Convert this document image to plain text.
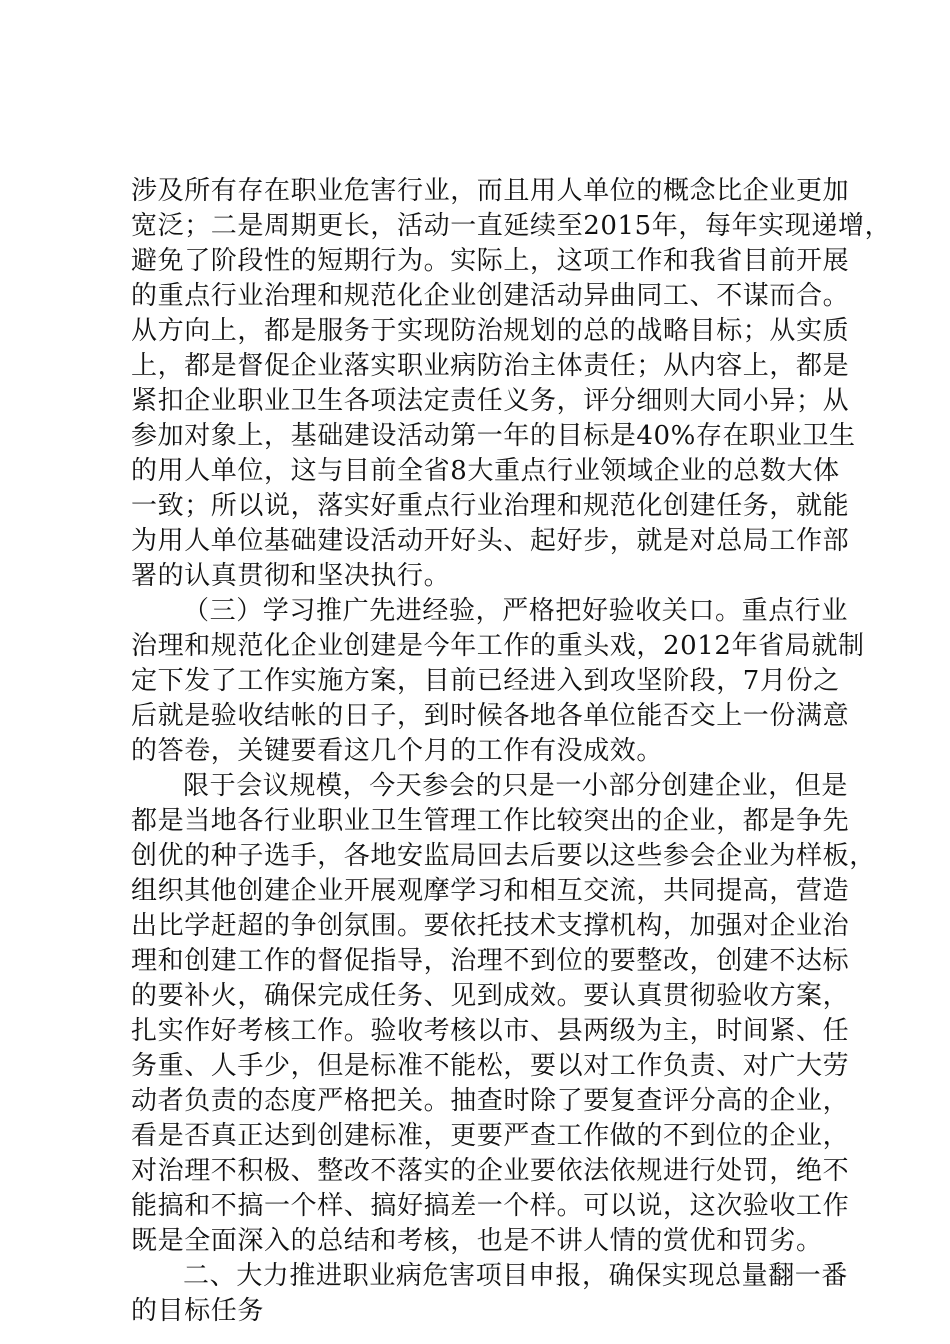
涉及所有存在职业危害行业，而且用人单位的概念比企业更加
宽泛；二是周期更长，活动一直延续至2015年，每年实现递增，
避免了阶段性的短期行为。实际上，这项工作和我省目前开展
的重点行业治理和规范化企业创建活动异曲同工、不谋而合。
从方向上，都是服务于实现防治规划的总的战略目标；从实质
上，都是督促企业落实职业病防治主体责任；从内容上，都是
紧扣企业职业卫生各项法定责任义务，评分细则大同小异；从
参加对象上，基础建设活动第一年的目标是40%存在职业卫生
的用人单位，这与目前全省8大重点行业领域企业的总数大体
一致；所以说，落实好重点行业治理和规范化创建任务，就能
为用人单位基础建设活动开好头、起好步，就是对总局工作部
署的认真贯彻和坚决执行。
（三）学习推广先进经验，严格把好验收关口。重点行业
治理和规范化企业创建是今年工作的重头戏，2012年省局就制
定下发了工作实施方案，目前已经进入到攻坚阶段，7月份之
后就是验收结帐的日子，到时候各地各单位能否交上一份满意
的答卷，关键要看这几个月的工作有没成效。
限于会议规模，今天参会的只是一小部分创建企业，但是
都是当地各行业职业卫生管理工作比较突出的企业，都是争先
创优的种子选手，各地安监局回去后要以这些参会企业为样板，
组织其他创建企业开展观摩学习和相互交流，共同提高，营造
出比学赶超的争创氛围。要依托技术支撑机构，加强对企业治
理和创建工作的督促指导，治理不到位的要整改，创建不达标
的要补火，确保完成任务、见到成效。要认真贯彻验收方案，
扎实作好考核工作。验收考核以市、县两级为主，时间紧、任
务重、人手少，但是标准不能松，要以对工作负责、对广大劳
动者负责的态度严格把关。抽查时除了要复查评分高的企业，
看是否真正达到创建标准，更要严查工作做的不到位的企业，
对治理不积极、整改不落实的企业要依法依规进行处罚，绝不
能搞和不搞一个样、搞好搞差一个样。可以说，这次验收工作
既是全面深入的总结和考核，也是不讲人情的赏优和罚劣。
二、大力推进职业病危害项目申报，确保实现总量翻一番
的目标任务
